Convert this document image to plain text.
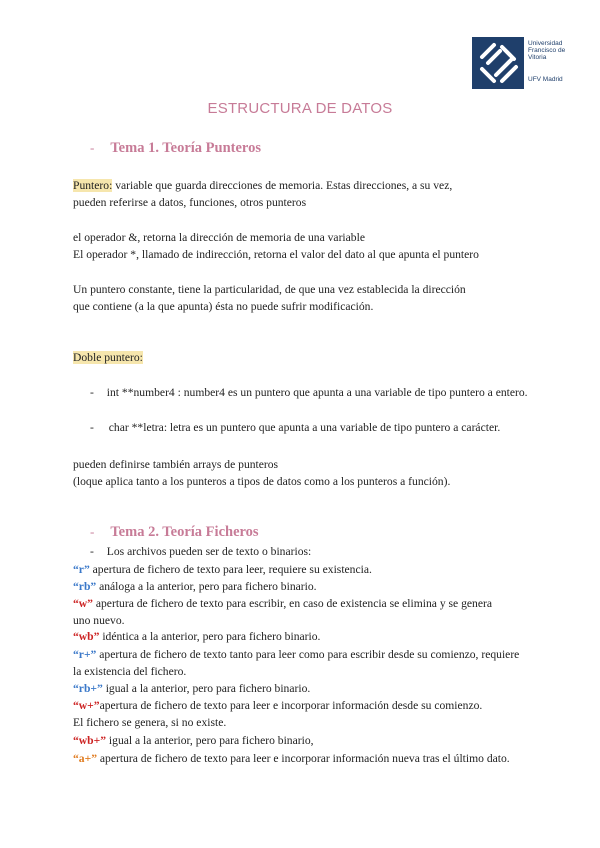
Universidad
Francisco de
Vitoria
UFV Madrid
ESTRUCTURA DE DATOS
- Tema 1. Teoría Punteros
Puntero: variable que guarda direcciones de memoria. Estas direcciones, a su vez,
pueden referirse a datos, funciones, otros punteros
el operador &, retorna la dirección de memoria de una variable
El operador *, llamado de indirección, retorna el valor del dato al que apunta el puntero
Un puntero constante, tiene la particularidad, de que una vez establecida la dirección
que contiene (a la que apunta) ésta no puede sufrir modificación.
Doble puntero:
- int **number4 : number4 es un puntero que apunta a una variable de tipo puntero a entero.
- char **letra: letra es un puntero que apunta a una variable de tipo puntero a carácter.
pueden definirse también arrays de punteros
(loque aplica tanto a los punteros a tipos de datos como a los punteros a función).
- Tema 2. Teoría Ficheros
- Los archivos pueden ser de texto o binarios:
“r” apertura de fichero de texto para leer, requiere su existencia.
“rb” análoga a la anterior, pero para fichero binario.
“w” apertura de fichero de texto para escribir, en caso de existencia se elimina y se genera
uno nuevo.
“wb” idéntica a la anterior, pero para fichero binario.
“r+” apertura de fichero de texto tanto para leer como para escribir desde su comienzo, requiere
la existencia del fichero.
“rb+” igual a la anterior, pero para fichero binario.
“w+”apertura de fichero de texto para leer e incorporar información desde su comienzo.
El fichero se genera, si no existe.
“wb+” igual a la anterior, pero para fichero binario,
“a+” apertura de fichero de texto para leer e incorporar información nueva tras el último dato.
